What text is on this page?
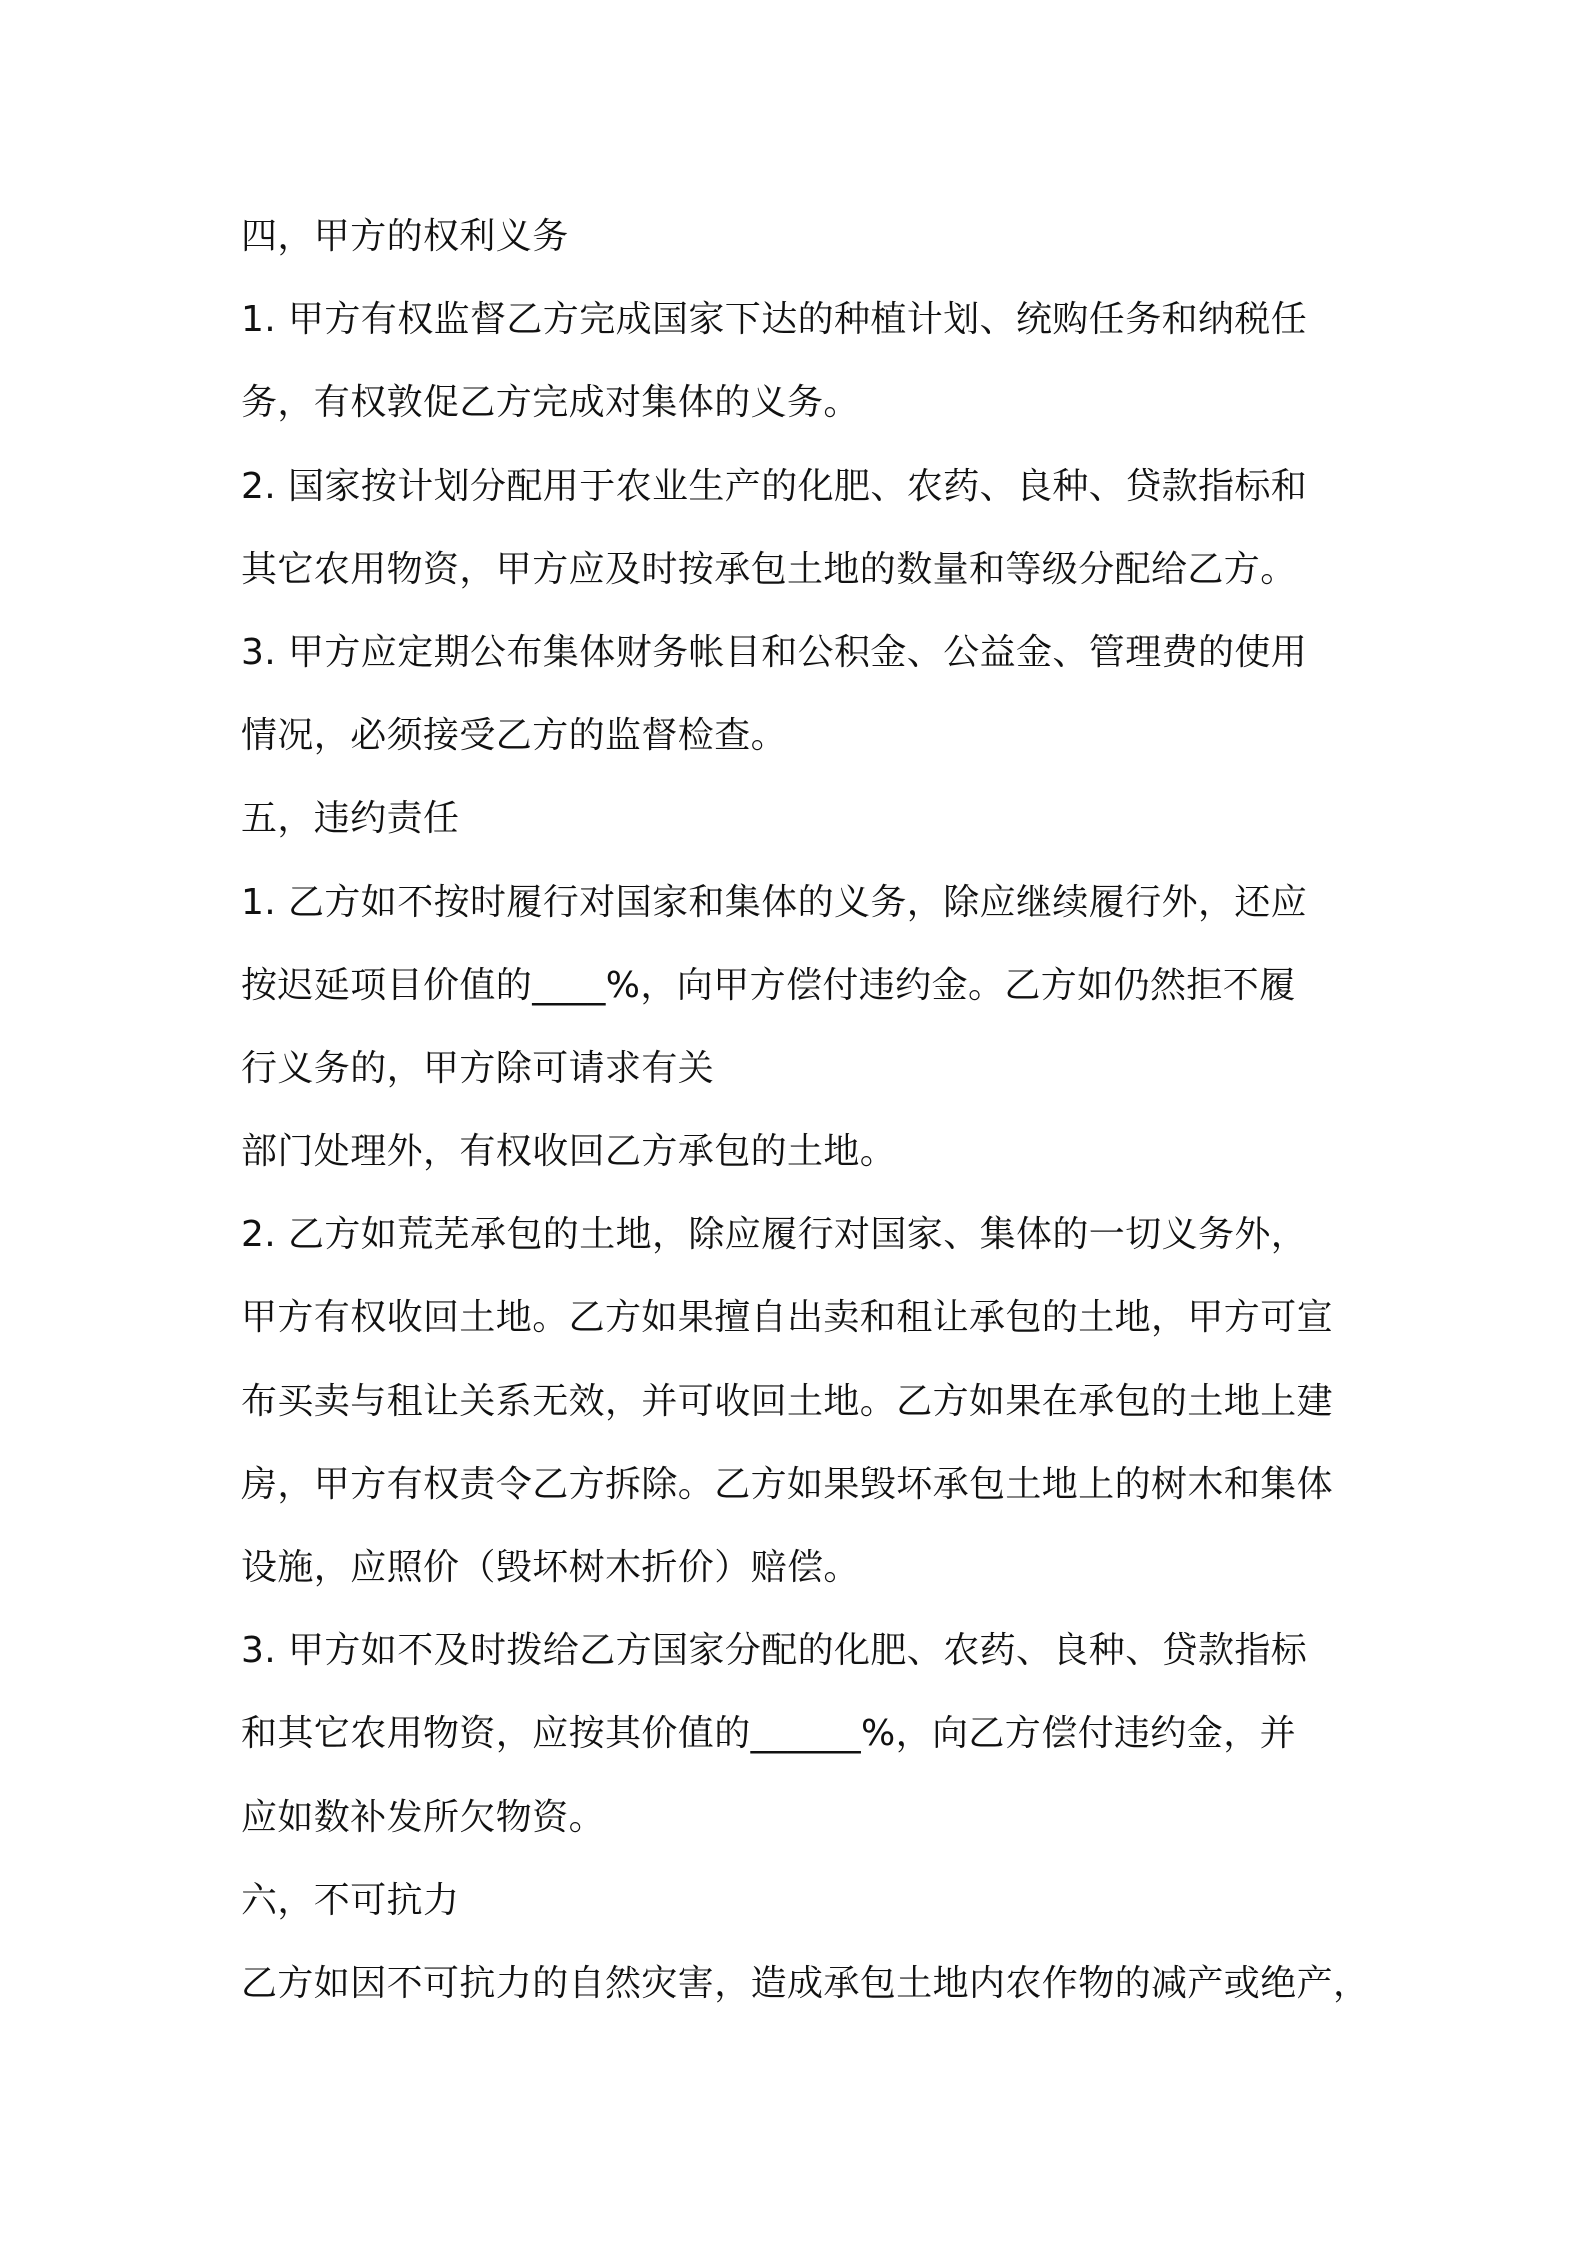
四，甲方的权利义务
1. 甲方有权监督乙方完成国家下达的种植计划、统购任务和纳税任
务，有权敦促乙方完成对集体的义务。
2. 国家按计划分配用于农业生产的化肥、农药、良种、贷款指标和
其它农用物资，甲方应及时按承包土地的数量和等级分配给乙方。
3. 甲方应定期公布集体财务帐目和公积金、公益金、管理费的使用
情况，必须接受乙方的监督检查。
五，违约责任
1. 乙方如不按时履行对国家和集体的义务，除应继续履行外，还应
按迟延项目价值的____%，向甲方偿付违约金。乙方如仍然拒不履
行义务的，甲方除可请求有关
部门处理外，有权收回乙方承包的土地。
2. 乙方如荒芜承包的土地，除应履行对国家、集体的一切义务外，
甲方有权收回土地。乙方如果擅自出卖和租让承包的土地，甲方可宣
布买卖与租让关系无效，并可收回土地。乙方如果在承包的土地上建
房，甲方有权责令乙方拆除。乙方如果毁坏承包土地上的树木和集体
设施，应照价（毁坏树木折价）赔偿。
3. 甲方如不及时拨给乙方国家分配的化肥、农药、良种、贷款指标
和其它农用物资，应按其价值的______%，向乙方偿付违约金，并
应如数补发所欠物资。
六，不可抗力
乙方如因不可抗力的自然灾害，造成承包土地内农作物的减产或绝产，
